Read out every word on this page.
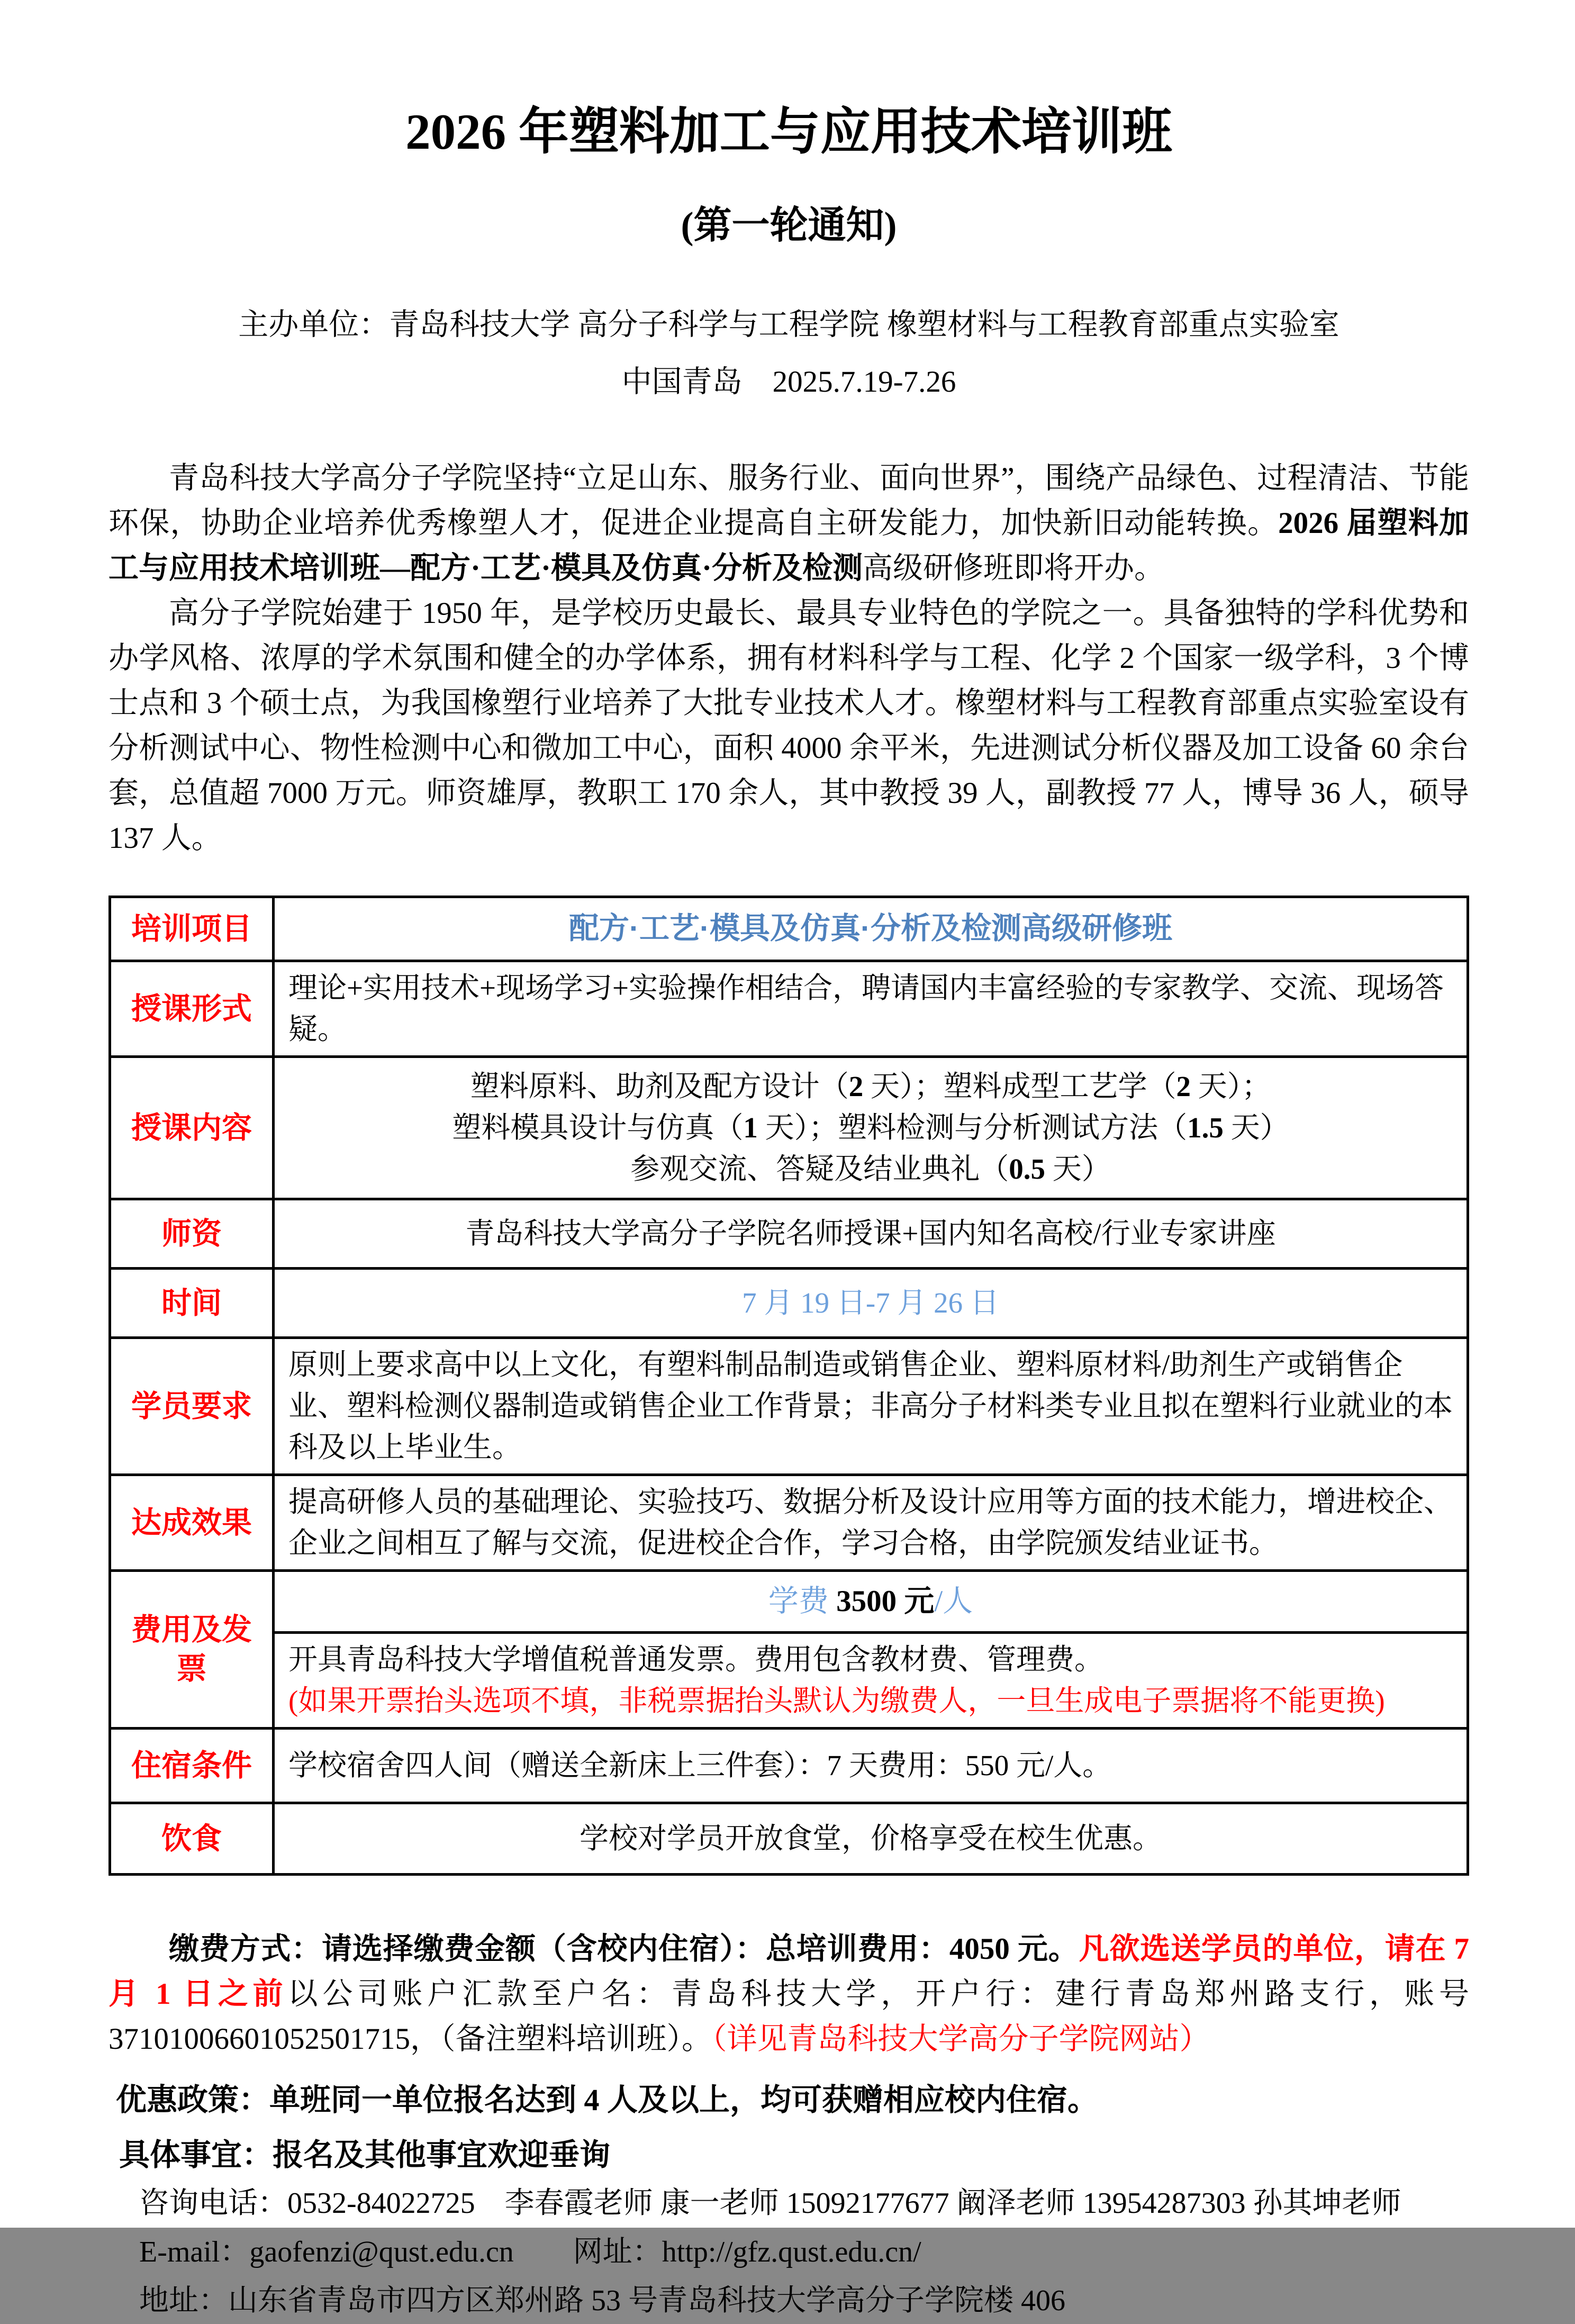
2026 年塑料加工与应用技术培训班
(第一轮通知)
主办单位：青岛科技大学 高分子科学与工程学院 橡塑材料与工程教育部重点实验室
中国青岛　2025.7.19-7.26

青岛科技大学高分子学院坚持“立足山东、服务行业、面向世界”，围绕产品绿色、过程清洁、节能环保，协助企业培养优秀橡塑人才，促进企业提高自主研发能力，加快新旧动能转换。2026 届塑料加工与应用技术培训班—配方·工艺·模具及仿真·分析及检测高级研修班即将开办。

高分子学院始建于 1950 年，是学校历史最长、最具专业特色的学院之一。具备独特的学科优势和办学风格、浓厚的学术氛围和健全的办学体系，拥有材料科学与工程、化学 2 个国家一级学科，3 个博士点和 3 个硕士点，为我国橡塑行业培养了大批专业技术人才。橡塑材料与工程教育部重点实验室设有分析测试中心、物性检测中心和微加工中心，面积 4000 余平米，先进测试分析仪器及加工设备 60 余台套，总值超 7000 万元。师资雄厚，教职工 170 余人，其中教授 39 人，副教授 77 人，博导 36 人，硕导 137 人。

培训项目	配方·工艺·模具及仿真·分析及检测高级研修班
授课形式	理论+实用技术+现场学习+实验操作相结合，聘请国内丰富经验的专家教学、交流、现场答疑。
授课内容	塑料原料、助剂及配方设计（2 天）；塑料成型工艺学（2 天）；
塑料模具设计与仿真（1 天）；塑料检测与分析测试方法（1.5 天）
参观交流、答疑及结业典礼（0.5 天）

师资	青岛科技大学高分子学院名师授课+国内知名高校/行业专家讲座
时间	7 月 19 日-7 月 26 日
学员要求	原则上要求高中以上文化，有塑料制品制造或销售企业、塑料原材料/助剂生产或销售企业、塑料检测仪器制造或销售企业工作背景；非高分子材料类专业且拟在塑料行业就业的本科及以上毕业生。
达成效果	提高研修人员的基础理论、实验技巧、数据分析及设计应用等方面的技术能力，增进校企、企业之间相互了解与交流，促进校企合作，学习合格，由学院颁发结业证书。
费用及发票	学费 3500 元/人

	开具青岛科技大学增值税普通发票。费用包含教材费、管理费。
(如果开票抬头选项不填，非税票据抬头默认为缴费人，一旦生成电子票据将不能更换)

住宿条件	学校宿舍四人间（赠送全新床上三件套）：7 天费用：550 元/人。
饮食	学校对学员开放食堂，价格享受在校生优惠。

缴费方式：请选择缴费金额（含校内住宿）：总培训费用：4050 元。凡欲选送学员的单位，请在 7 月 1 日之前以公司账户汇款至户名：青岛科技大学，开户行：建行青岛郑州路支行，账号 37101006601052501715，（备注塑料培训班）。（详见青岛科技大学高分子学院网站）

优惠政策：单班同一单位报名达到 4 人及以上，均可获赠相应校内住宿。

具体事宜：报名及其他事宜欢迎垂询

咨询电话：0532-84022725　李春霞老师 康一老师 15092177677 阚泽老师 13954287303 孙其坤老师

E-mail：gaofenzi@qust.edu.cn　　网址：http://gfz.qust.edu.cn/

地址：山东省青岛市四方区郑州路 53 号青岛科技大学高分子学院楼 406
